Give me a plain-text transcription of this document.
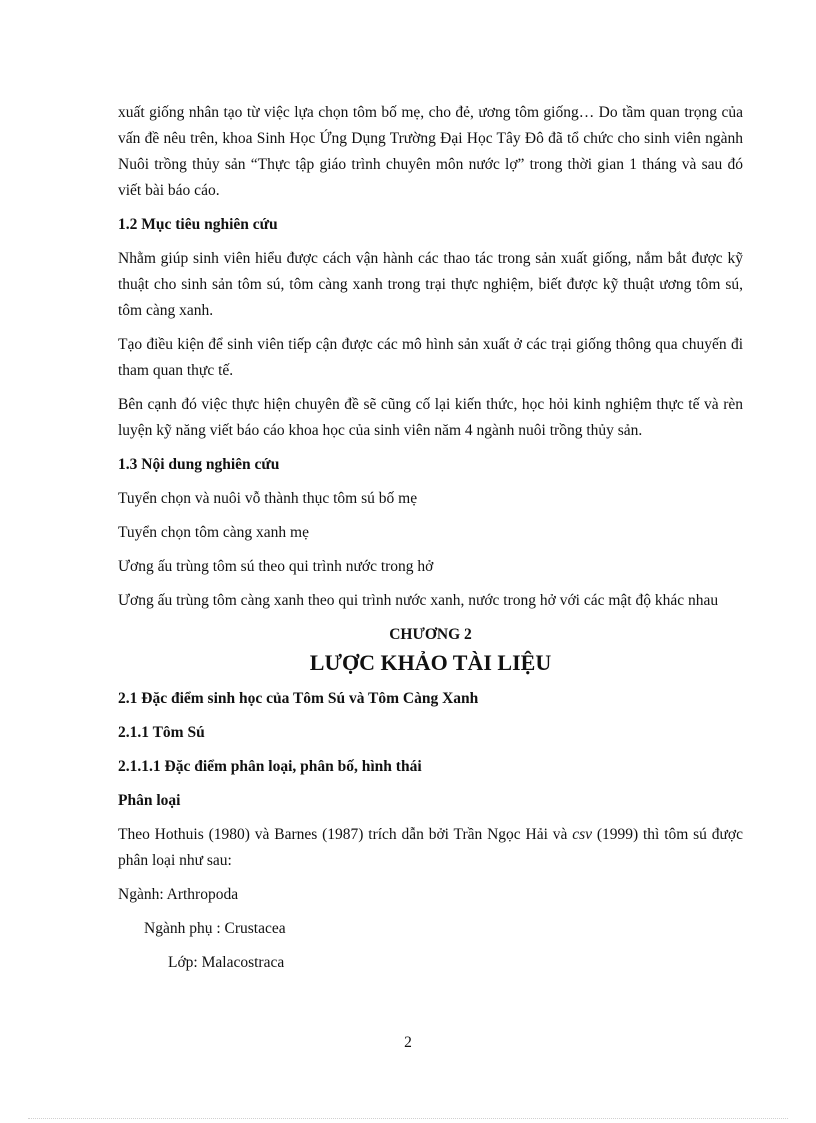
xuất giống nhân tạo từ việc lựa chọn tôm bố mẹ, cho đẻ, ương tôm giống… Do tầm quan trọng của vấn đề nêu trên, khoa Sinh Học Ứng Dụng Trường Đại Học Tây Đô đã tổ chức cho sinh viên ngành Nuôi trồng thủy sản “Thực tập giáo trình chuyên môn nước lợ” trong thời gian 1 tháng và sau đó viết bài báo cáo.

1.2 Mục tiêu nghiên cứu

Nhằm giúp sinh viên hiểu được cách vận hành các thao tác trong sản xuất giống, nắm bắt được kỹ thuật cho sinh sản tôm sú, tôm càng xanh trong trại thực nghiệm, biết được kỹ thuật ương tôm sú, tôm càng xanh.

Tạo điều kiện để sinh viên tiếp cận được các mô hình sản xuất ở các trại giống thông qua chuyến đi tham quan thực tế.

Bên cạnh đó việc thực hiện chuyên đề sẽ cũng cố lại kiến thức, học hỏi kinh nghiệm thực tế và rèn luyện kỹ năng viết báo cáo khoa học của sinh viên năm 4 ngành nuôi trồng thủy sản.

1.3 Nội dung nghiên cứu

Tuyển chọn và nuôi vỗ thành thục tôm sú bố mẹ

Tuyển chọn tôm càng xanh mẹ

Ương ấu trùng tôm sú theo qui trình nước trong hở

Ương ấu trùng tôm càng xanh theo qui trình nước xanh, nước trong hở với các mật độ khác nhau

CHƯƠNG 2
LƯỢC KHẢO TÀI LIỆU
2.1 Đặc điểm sinh học của Tôm Sú và Tôm Càng Xanh
2.1.1 Tôm Sú
2.1.1.1 Đặc điểm phân loại, phân bố, hình thái
Phân loại

Theo Hothuis (1980) và Barnes (1987) trích dẫn bởi Trần Ngọc Hải và csv (1999) thì tôm sú được phân loại như sau:

Ngành: Arthropoda

Ngành phụ : Crustacea

Lớp: Malacostraca

2
